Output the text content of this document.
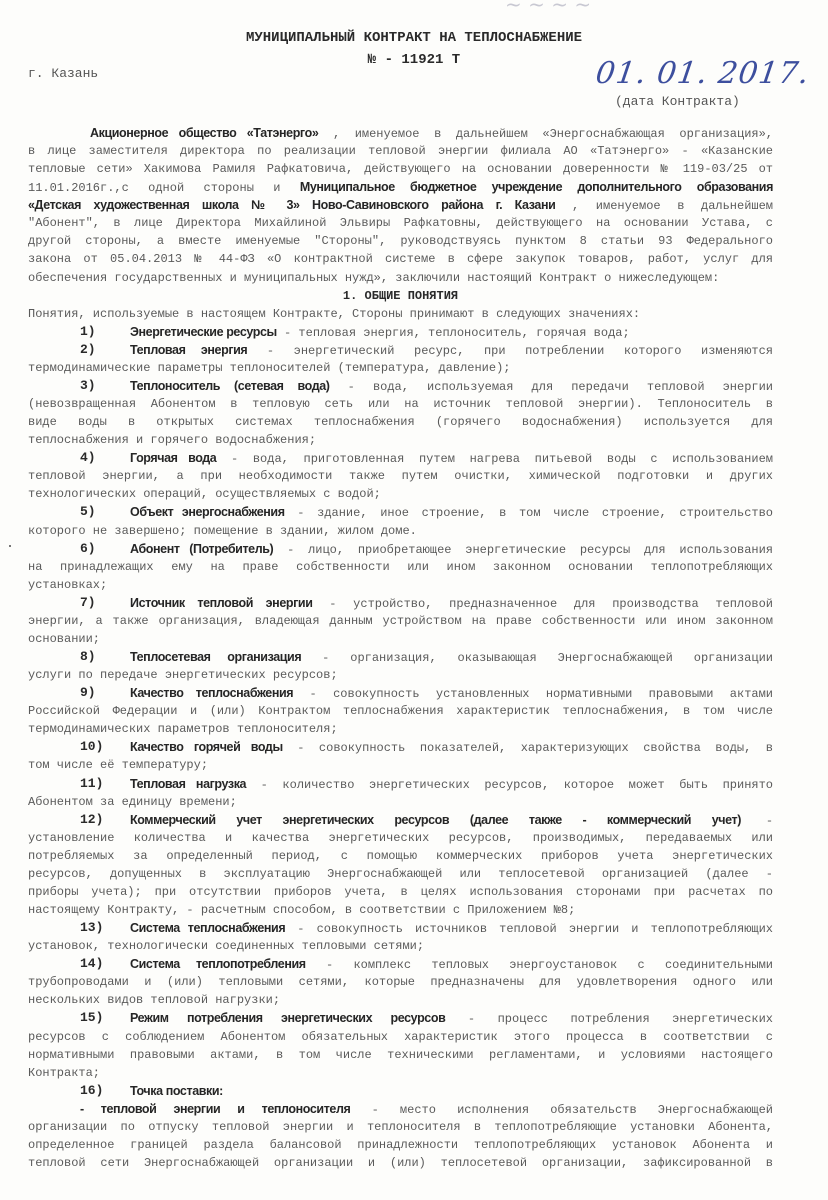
~ ~ ~ ~
МУНИЦИПАЛЬНЫЙ КОНТРАКТ НА ТЕПЛОСНАБЖЕНИЕ
№ - 11921 Т
г. Казань	01. 01. 2017.
(дата Контракта)
Акционерное общество «Татэнерго» , именуемое в дальнейшем «Энергоснабжающая организация»,
в лице заместителя директора по реализации тепловой энергии филиала АО «Татэнерго» - «Казанские
тепловые сети» Хакимова Рамиля Рафкатовича, действующего на основании доверенности № 119-03/25 от
11.01.2016г.,с одной стороны и Муниципальное бюджетное учреждение дополнительного образования
«Детская художественная школа № 3» Ново-Савиновского района г. Казани , именуемое в дальнейшем
"Абонент", в лице Директора Михайлиной Эльвиры Рафкатовны, действующего на основании Устава, с
другой стороны, а вместе именуемые "Стороны", руководствуясь пунктом 8 статьи 93 Федерального
закона от 05.04.2013 № 44-ФЗ «О контрактной системе в сфере закупок товаров, работ, услуг для
обеспечения государственных и муниципальных нужд», заключили настоящий Контракт о нижеследующем:
1. ОБЩИЕ ПОНЯТИЯ
Понятия, используемые в настоящем Контракте, Стороны принимают в следующих значениях:
1)	Энергетические ресурсы - тепловая энергия, теплоноситель, горячая вода;
2)	Тепловая энергия - энергетический ресурс, при потреблении которого изменяются
термодинамические параметры теплоносителей (температура, давление);
3)	Теплоноситель (сетевая вода) - вода, используемая для передачи тепловой энергии
(невозвращенная Абонентом в тепловую сеть или на источник тепловой энергии). Теплоноситель в
виде воды в открытых системах теплоснабжения (горячего водоснабжения) используется для
теплоснабжения и горячего водоснабжения;
4)	Горячая вода - вода, приготовленная путем нагрева питьевой воды с использованием
тепловой энергии, а при необходимости также путем очистки, химической подготовки и других
технологических операций, осуществляемых с водой;
5)	Объект энергоснабжения - здание, иное строение, в том числе строение, строительство
которого не завершено; помещение в здании, жилом доме.
6)	Абонент (Потребитель) - лицо, приобретающее энергетические ресурсы для использования
на принадлежащих ему на праве собственности или ином законном основании теплопотребляющих
установках;
7)	Источник тепловой энергии - устройство, предназначенное для производства тепловой
энергии, а также организация, владеющая данным устройством на праве собственности или ином законном
основании;
8)	Теплосетевая организация - организация, оказывающая Энергоснабжающей организации
услуги по передаче энергетических ресурсов;
9)	Качество теплоснабжения - совокупность установленных нормативными правовыми актами
Российской Федерации и (или) Контрактом теплоснабжения характеристик теплоснабжения, в том числе
термодинамических параметров теплоносителя;
10) Качество горячей воды - совокупность показателей, характеризующих свойства воды, в
том числе её температуру;
11) Тепловая нагрузка - количество энергетических ресурсов, которое может быть принято
Абонентом за единицу времени;
12) Коммерческий учет энергетических ресурсов (далее также - коммерческий учет) -
установление количества и качества энергетических ресурсов, производимых, передаваемых или
потребляемых за определенный период, с помощью коммерческих приборов учета энергетических
ресурсов, допущенных в эксплуатацию Энергоснабжающей или теплосетевой организацией (далее -
приборы учета); при отсутствии приборов учета, в целях использования сторонами при расчетах по
настоящему Контракту, - расчетным способом, в соответствии с Приложением №8;
13) Система теплоснабжения - совокупность источников тепловой энергии и теплопотребляющих
установок, технологически соединенных тепловыми сетями;
14) Система теплопотребления - комплекс тепловых энергоустановок с соединительными
трубопроводами и (или) тепловыми сетями, которые предназначены для удовлетворения одного или
нескольких видов тепловой нагрузки;
15) Режим потребления энергетических ресурсов - процесс потребления энергетических
ресурсов с соблюдением Абонентом обязательных характеристик этого процесса в соответствии с
нормативными правовыми актами, в том числе техническими регламентами, и условиями настоящего
Контракта;
16) Точка поставки:
- тепловой энергии и теплоносителя - место исполнения обязательств Энергоснабжающей
организации по отпуску тепловой энергии и теплоносителя в теплопотребляющие установки Абонента,
определенное границей раздела балансовой принадлежности теплопотребляющих установок Абонента и
тепловой сети Энергоснабжающей организации и (или) теплосетевой организации, зафиксированной в
